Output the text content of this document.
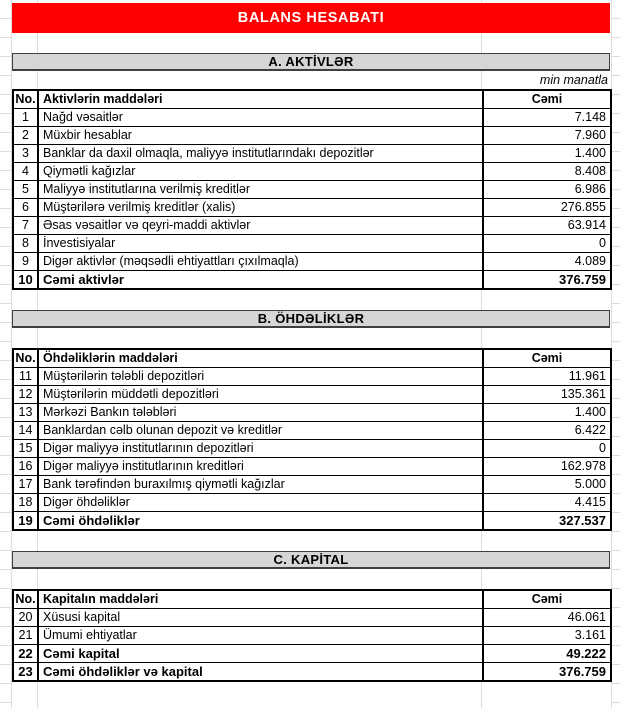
BALANS HESABATI
A. AKTİVLƏR
min manatla
No.	Aktivlərin maddələri	Cəmi
1	Nağd vəsaitlər	7.148
2	Müxbir hesablar	7.960
3	Banklar da daxil olmaqla, maliyyə institutlarındakı depozitlər	1.400
4	Qiymətli kağızlar	8.408
5	Maliyyə institutlarına verilmiş kreditlər	6.986
6	Müştərilərə verilmiş kreditlər (xalis)	276.855
7	Əsas vəsaitlər və qeyri-maddi aktivlər	63.914
8	İnvestisiyalar	0
9	Digər aktivlər (məqsədli ehtiyattları çıxılmaqla)	4.089
10	Cəmi aktivlər	376.759
B. ÖHDƏLİKLƏR
No.	Öhdəliklərin maddələri	Cəmi
11	Müştərilərin tələbli depozitləri	11.961
12	Müştərilərin müddətli depozitləri	135.361
13	Mərkəzi Bankın tələbləri	1.400
14	Banklardan cəlb olunan depozit və kreditlər	6.422
15	Digər maliyyə institutlarının depozitləri	0
16	Digər maliyyə institutlarının kreditləri	162.978
17	Bank tərəfindən buraxılmış qiymətli kağızlar	5.000
18	Digər öhdəliklər	4.415
19	Cəmi öhdəliklər	327.537
C. KAPİTAL
No.	Kapitalın maddələri	Cəmi
20	Xüsusi kapital	46.061
21	Ümumi ehtiyatlar	3.161
22	Cəmi kapital	49.222
23	Cəmi öhdəliklər və kapital	376.759
